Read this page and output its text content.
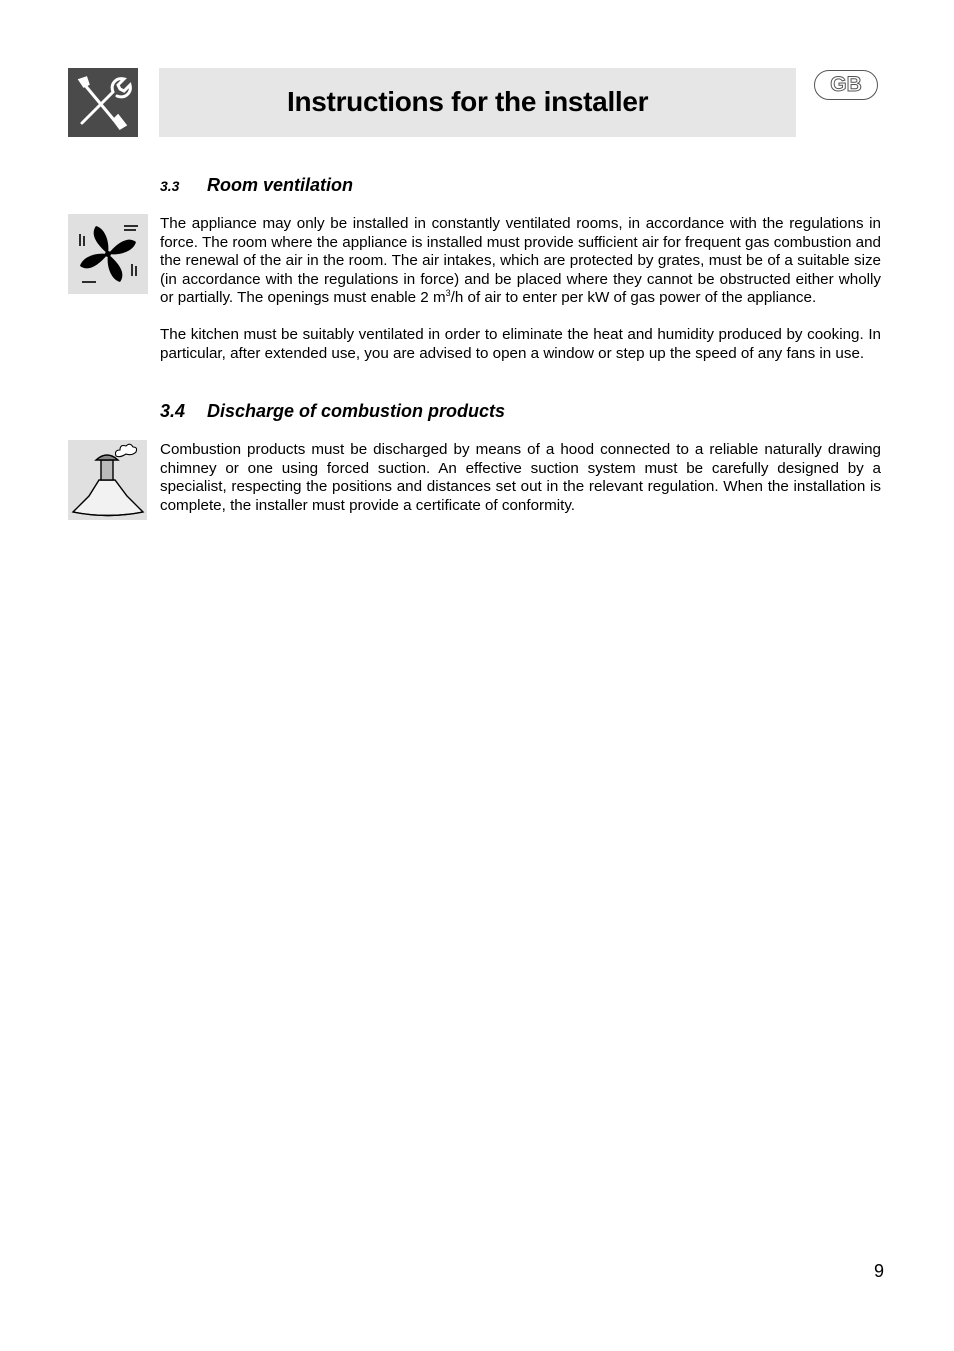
Instructions for the installer
GB
3.3 Room ventilation
The appliance may only be installed in constantly ventilated rooms, in accordance with the regulations in force. The room where the appliance is installed must provide sufficient air for frequent gas combustion and the renewal of the air in the room. The air intakes, which are protected by grates, must be of a suitable size (in accordance with the regulations in force) and be placed where they cannot be obstructed either wholly or partially. The openings must enable 2 $m^3/h$ of air to enter per kW of gas power of the appliance.
The kitchen must be suitably ventilated in order to eliminate the heat and humidity produced by cooking. In particular, after extended use, you are advised to open a window or step up the speed of any fans in use.
3.4 Discharge of combustion products
Combustion products must be discharged by means of a hood connected to a reliable naturally drawing chimney or one using forced suction. An effective suction system must be carefully designed by a specialist, respecting the positions and distances set out in the relevant regulation. When the installation is complete, the installer must provide a certificate of conformity.
9
